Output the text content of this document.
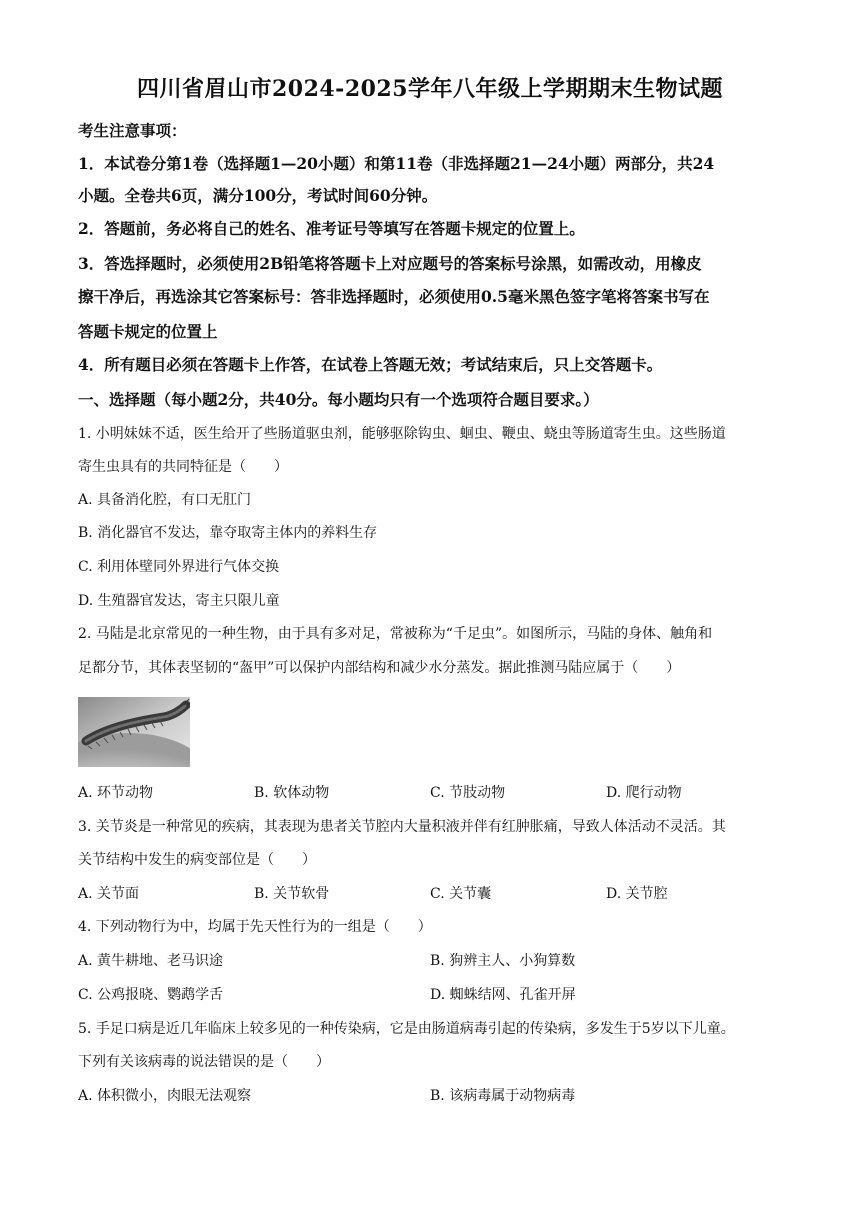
四川省眉山市2024-2025学年八年级上学期期末生物试题
考生注意事项：
1．本试卷分第1卷（选择题1—20小题）和第11卷（非选择题21—24小题）两部分，共24
小题。全卷共6页，满分100分，考试时间60分钟。
2．答题前，务必将自己的姓名、准考证号等填写在答题卡规定的位置上。
3．答选择题时，必须使用2B铅笔将答题卡上对应题号的答案标号涂黑，如需改动，用橡皮
擦干净后，再选涂其它答案标号：答非选择题时，必须使用0.5毫米黑色签字笔将答案书写在
答题卡规定的位置上
4．所有题目必须在答题卡上作答，在试卷上答题无效；考试结束后，只上交答题卡。
一、选择题（每小题2分，共40分。每小题均只有一个选项符合题目要求。）
1. 小明妹妹不适，医生给开了些肠道驱虫剂，能够驱除钩虫、蛔虫、鞭虫、蛲虫等肠道寄生虫。这些肠道
寄生虫具有的共同特征是（　　）
A. 具备消化腔，有口无肛门
B. 消化器官不发达，靠夺取寄主体内的养料生存
C. 利用体壁同外界进行气体交换
D. 生殖器官发达，寄主只限儿童
2. 马陆是北京常见的一种生物，由于具有多对足，常被称为“千足虫”。如图所示，马陆的身体、触角和
足都分节，其体表坚韧的“盔甲”可以保护内部结构和减少水分蒸发。据此推测马陆应属于（　　）
A. 环节动物	B. 软体动物	C. 节肢动物	D. 爬行动物
3. 关节炎是一种常见的疾病，其表现为患者关节腔内大量积液并伴有红肿胀痛，导致人体活动不灵活。其
关节结构中发生的病变部位是（　　）
A. 关节面	B. 关节软骨	C. 关节囊	D. 关节腔
4. 下列动物行为中，均属于先天性行为的一组是（　　）
A. 黄牛耕地、老马识途	B. 狗辨主人、小狗算数
C. 公鸡报晓、鹦鹉学舌	D. 蜘蛛结网、孔雀开屏
5. 手足口病是近几年临床上较多见的一种传染病，它是由肠道病毒引起的传染病，多发生于5岁以下儿童。
下列有关该病毒的说法错误的是（　　）
A. 体积微小，肉眼无法观察	B. 该病毒属于动物病毒
